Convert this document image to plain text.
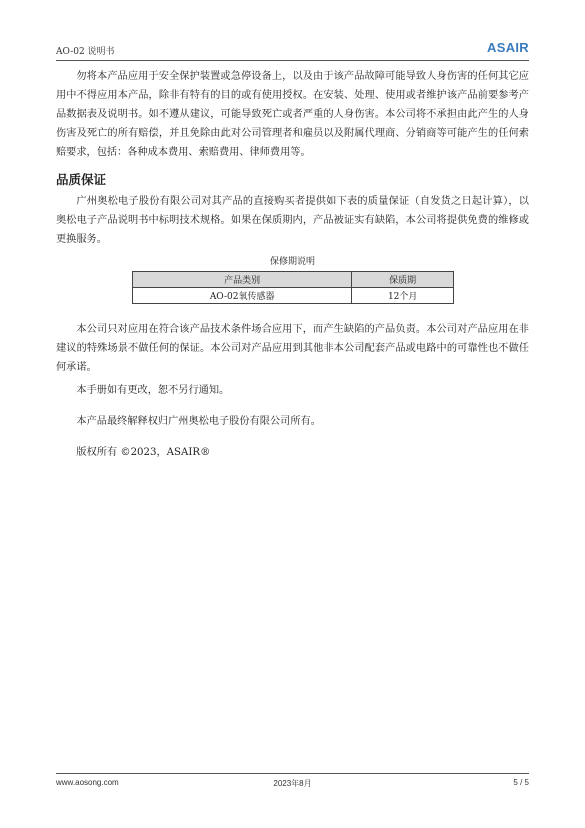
AO-02 说明书	ASAIR

勿将本产品应用于安全保护装置或急停设备上，以及由于该产品故障可能导致人身伤害的任何其它应用中不得应用本产品，除非有特有的目的或有使用授权。在安装、处理、使用或者维护该产品前要参考产品数据表及说明书。如不遵从建议，可能导致死亡或者严重的人身伤害。本公司将不承担由此产生的人身伤害及死亡的所有赔偿，并且免除由此对公司管理者和雇员以及附属代理商、分销商等可能产生的任何索赔要求，包括：各种成本费用、索赔费用、律师费用等。

品质保证

广州奥松电子股份有限公司对其产品的直接购买者提供如下表的质量保证（自发货之日起计算），以奥松电子产品说明书中标明技术规格。如果在保质期内，产品被证实有缺陷，本公司将提供免费的维修或更换服务。

保修期说明
产品类别	保质期
AO-02氧传感器	12个月

本公司只对应用在符合该产品技术条件场合应用下，而产生缺陷的产品负责。本公司对产品应用在非建议的特殊场景不做任何的保证。本公司对产品应用到其他非本公司配套产品或电路中的可靠性也不做任何承诺。

本手册如有更改，恕不另行通知。

本产品最终解释权归广州奥松电子股份有限公司所有。

版权所有 ©2023，ASAIR®

www.aosong.com	2023年8月	5 / 5
